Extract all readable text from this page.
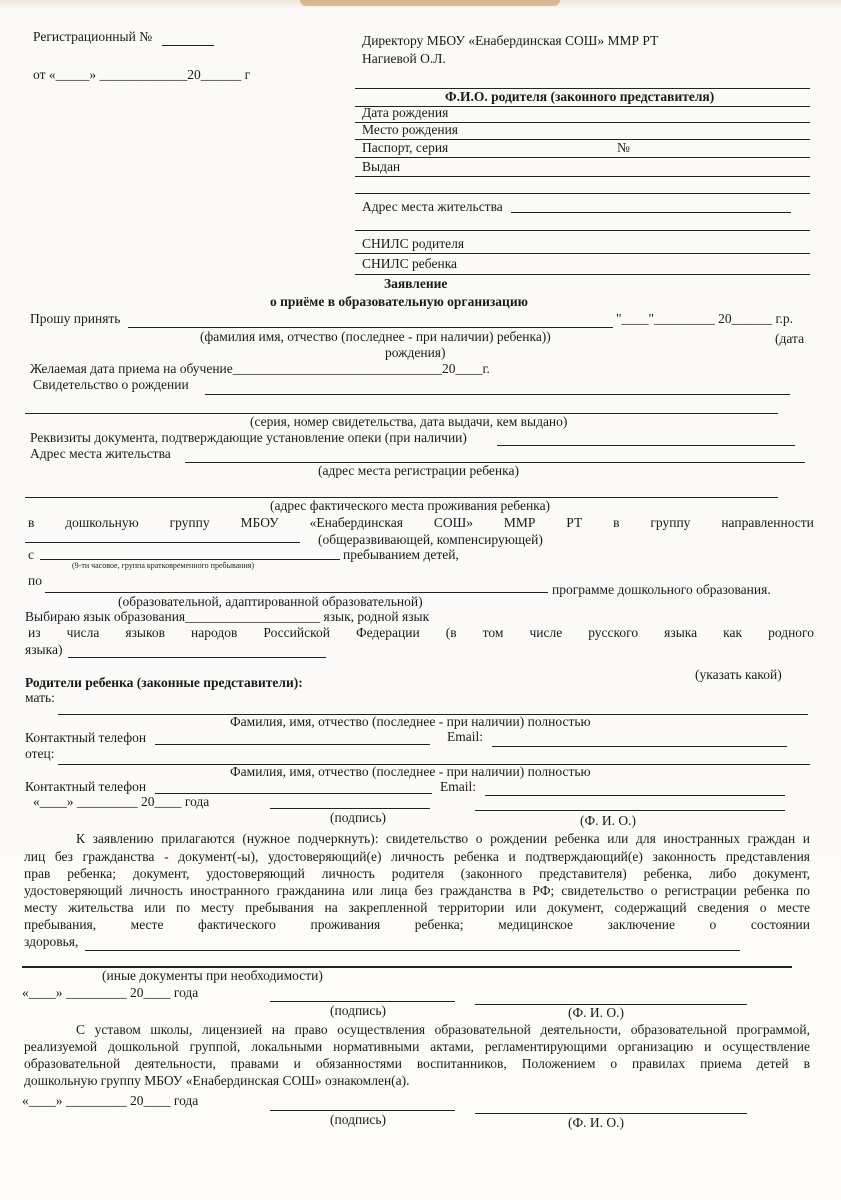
Регистрационный №
от «_____» _____________20______ г
Директору МБОУ «Енабердинская СОШ» ММР РТ
Нагиевой О.Л.
Ф.И.О. родителя (законного представителя)
Дата рождения
Место рождения
Паспорт, серия	№
Выдан
Адрес места жительства
СНИЛС родителя
СНИЛС ребенка
Заявление
о приёме в образовательную организацию
Прошу принять	"____"_________ 20______ г.р.
(фамилия имя, отчество (последнее - при наличии) ребенка))	(дата
рождения)
Желаемая дата приема на обучение_______________________________20____г.
Свидетельство о рождении
(серия, номер свидетельства, дата выдачи, кем выдано)
Реквизиты документа, подтверждающие установление опеки (при наличии)
Адрес места жительства
(адрес места регистрации ребенка)
(адрес фактического места проживания ребенка)
в дошкольную группу МБОУ «Енабердинская СОШ» ММР РТ в группу направленности
(общеразвивающей, компенсирующей)
с
(9-ти часовое, группа кратковременного пребывания)
пребыванием детей,
по
программе дошкольного образования.
(образовательной, адаптированной образовательной)
Выбираю язык образования____________________ язык, родной язык
из числа языков народов Российской Федерации (в том числе русского языка как родного
языка)
(указать какой)
Родители ребенка (законные представители):
мать:
Фамилия, имя, отчество (последнее - при наличии) полностью
Контактный телефон	Email:
отец:
Фамилия, имя, отчество (последнее - при наличии) полностью
Контактный телефон	Email:
«____» _________ 20____ года
(подпись)	(Ф. И. О.)
К заявлению прилагаются (нужное подчеркнуть): свидетельство о рождении ребенка или для иностранных граждан и
лиц без гражданства - документ(-ы), удостоверяющий(е) личность ребенка и подтверждающий(е) законность представления
прав ребенка; документ, удостоверяющий личность родителя (законного представителя) ребенка, либо документ,
удостоверяющий личность иностранного гражданина или лица без гражданства в РФ; свидетельство о регистрации ребенка по
месту жительства или по месту пребывания на закрепленной территории или документ, содержащий сведения о месте
пребывания, месте фактического проживания ребенка; медицинское заключение о состоянии
здоровья,
(иные документы при необходимости)
«____» _________ 20____ года
(подпись)	(Ф. И. О.)
С уставом школы, лицензией на право осуществления образовательной деятельности, образовательной программой,
реализуемой дошкольной группой, локальными нормативными актами, регламентирующими организацию и осуществление
образовательной деятельности, правами и обязанностями воспитанников, Положением о правилах приема детей в
дошкольную группу МБОУ «Енабердинская СОШ» ознакомлен(а).
«____» _________ 20____ года
(подпись)	(Ф. И. О.)
